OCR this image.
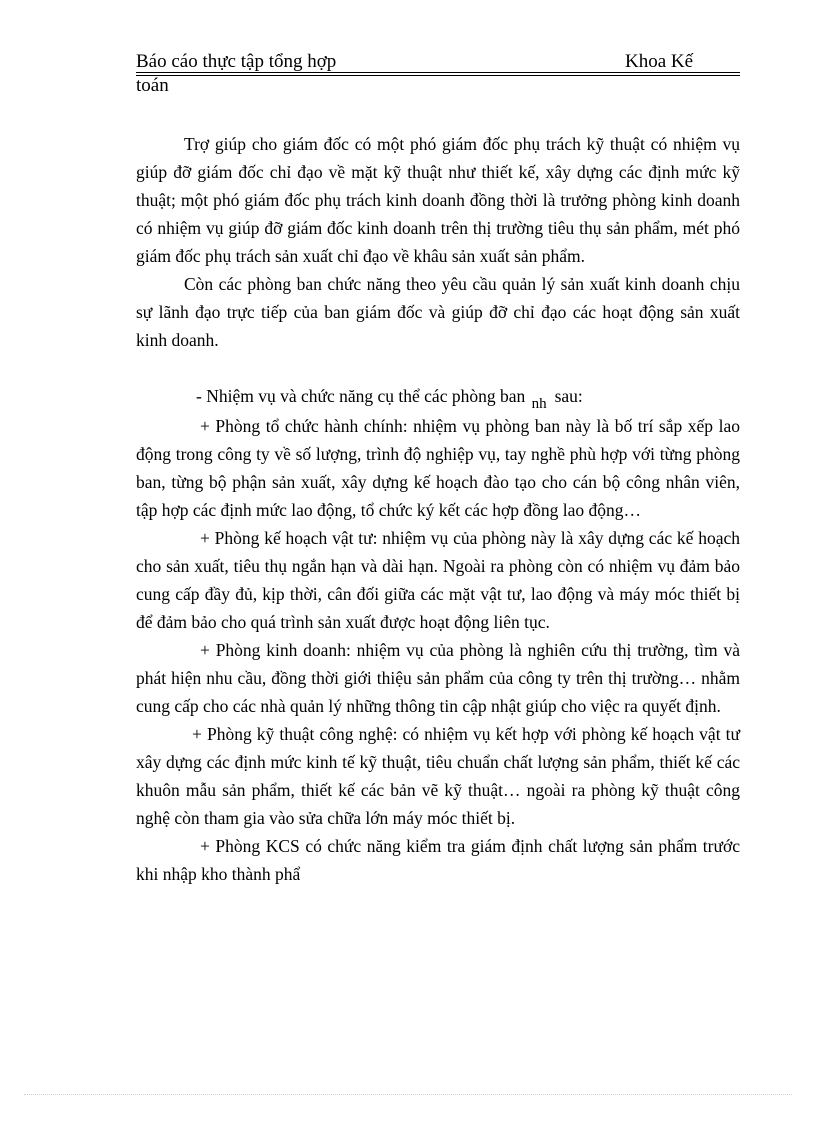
Báo cáo thực tập tổng hợp	Khoa Kế
toán

Trợ giúp cho giám đốc có một phó giám đốc phụ trách kỹ thuật có nhiệm vụ giúp đỡ giám đốc chỉ đạo về mặt kỹ thuật như thiết kế, xây dựng các định mức kỹ thuật; một phó giám đốc phụ trách kinh doanh đồng thời là trưởng phòng kinh doanh có nhiệm vụ giúp đỡ giám đốc kinh doanh trên thị trường tiêu thụ sản phẩm, mét phó giám đốc phụ trách sản xuất chỉ đạo về khâu sản xuất sản phẩm.

Còn các phòng ban chức năng theo yêu cầu quản lý sản xuất kinh doanh chịu sự lãnh đạo trực tiếp của ban giám đốc và giúp đỡ chỉ đạo các hoạt động sản xuất kinh doanh.

- Nhiệm vụ và chức năng cụ thể các phòng ban nh sau:

+ Phòng tổ chức hành chính: nhiệm vụ phòng ban này là bố trí sắp xếp lao động trong công ty về số lượng, trình độ nghiệp vụ, tay nghề phù hợp với từng phòng ban, từng bộ phận sản xuất, xây dựng kế hoạch đào tạo cho cán bộ công nhân viên, tập hợp các định mức lao động, tổ chức ký kết các hợp đồng lao động…

+ Phòng kế hoạch vật tư: nhiệm vụ của phòng này là xây dựng các kế hoạch cho sản xuất, tiêu thụ ngắn hạn và dài hạn. Ngoài ra phòng còn có nhiệm vụ đảm bảo cung cấp đầy đủ, kịp thời, cân đối giữa các mặt vật tư, lao động và máy móc thiết bị để đảm bảo cho quá trình sản xuất được hoạt động liên tục.

+ Phòng kinh doanh: nhiệm vụ của phòng là nghiên cứu thị trường, tìm và phát hiện nhu cầu, đồng thời giới thiệu sản phẩm của công ty trên thị trường… nhằm cung cấp cho các nhà quản lý những thông tin cập nhật giúp cho việc ra quyết định.

+ Phòng kỹ thuật công nghệ: có nhiệm vụ kết hợp với phòng kế hoạch vật tư xây dựng các định mức kinh tế kỹ thuật, tiêu chuẩn chất lượng sản phẩm, thiết kế các khuôn mẫu sản phẩm, thiết kế các bản vẽ kỹ thuật… ngoài ra phòng kỹ thuật công nghệ còn tham gia vào sửa chữa lớn máy móc thiết bị.

+ Phòng KCS có chức năng kiểm tra giám định chất lượng sản phẩm trước khi nhập kho thành phẩ
